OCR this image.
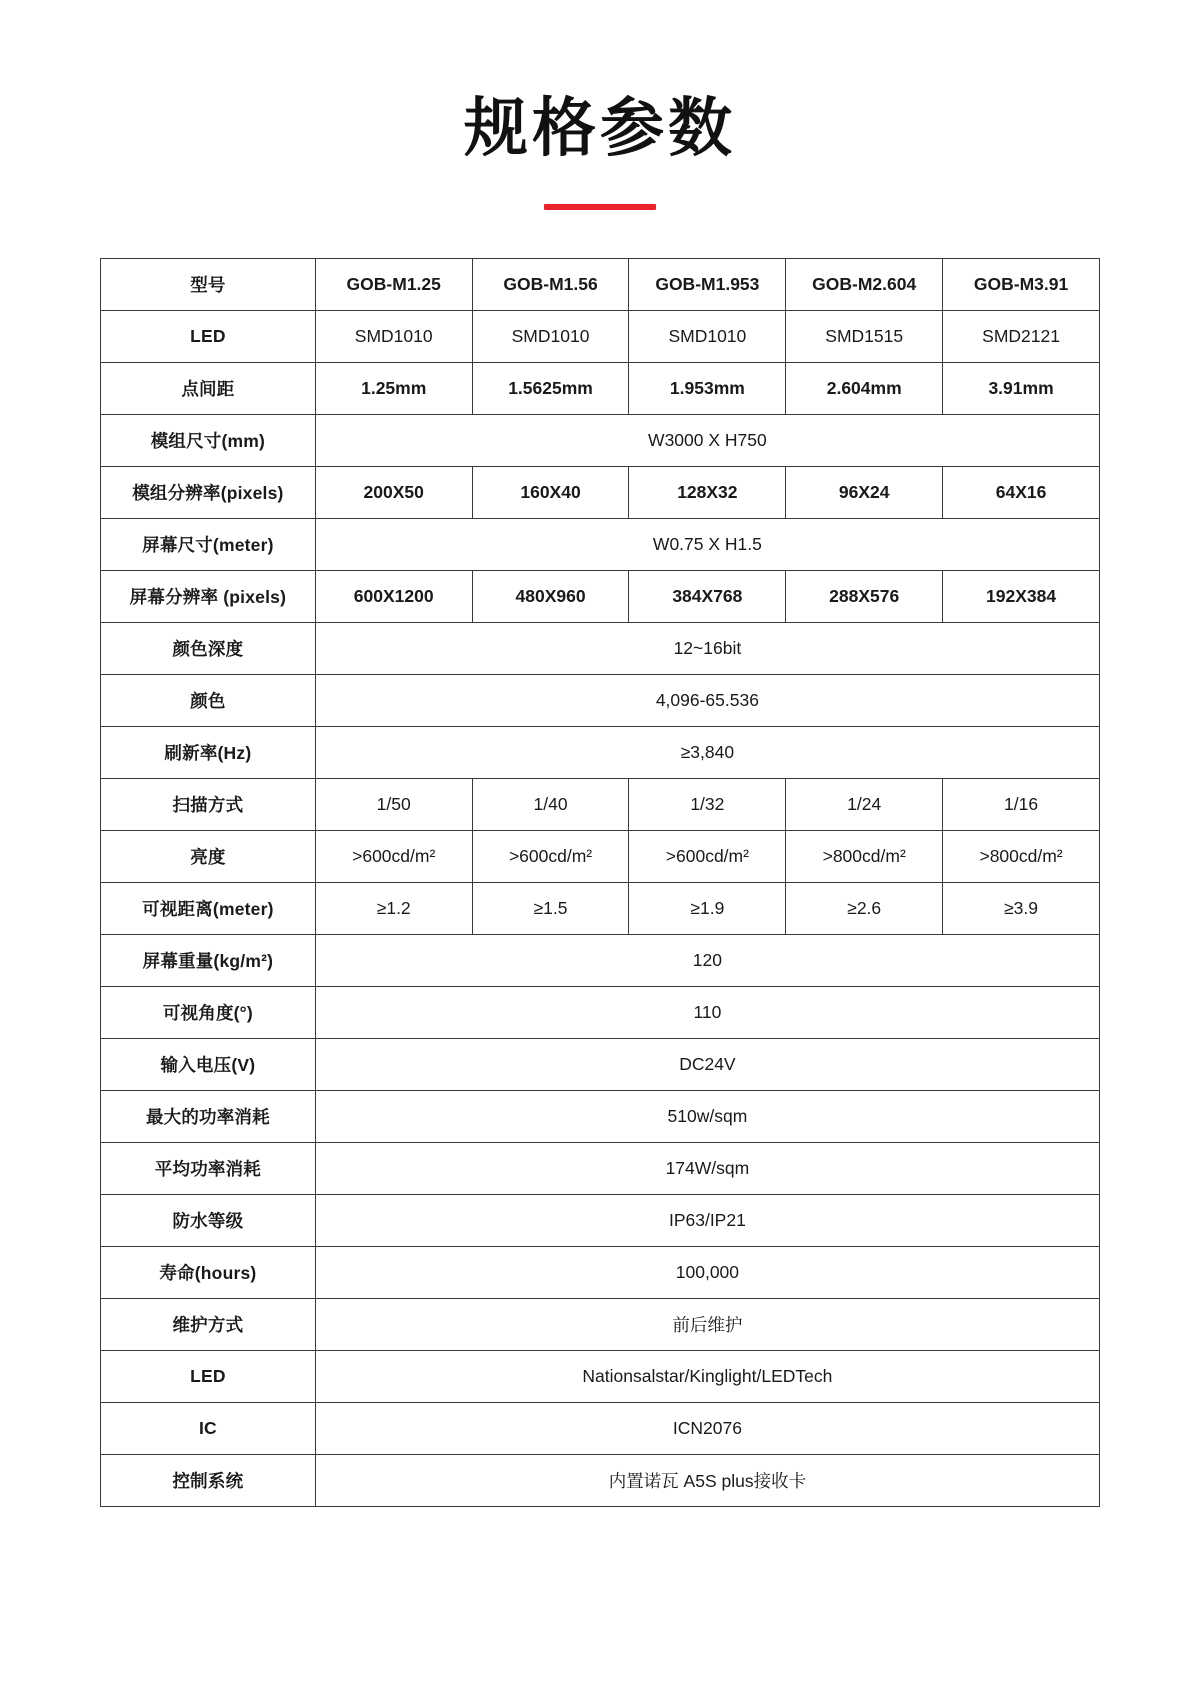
规格参数
型号	GOB-M1.25	GOB-M1.56	GOB-M1.953	GOB-M2.604	GOB-M3.91
LED	SMD1010	SMD1010	SMD1010	SMD1515	SMD2121
点间距	1.25mm	1.5625mm	1.953mm	2.604mm	3.91mm
模组尺寸(mm)	W3000 X H750				
模组分辨率(pixels)	200X50	160X40	128X32	96X24	64X16
屏幕尺寸(meter)	W0.75 X H1.5				
屏幕分辨率 (pixels)	600X1200	480X960	384X768	288X576	192X384
颜色深度	12~16bit				
颜色	4,096-65.536				
刷新率(Hz)	≥3,840				
扫描方式	1/50	1/40	1/32	1/24	1/16
亮度	>600cd/m²	>600cd/m²	>600cd/m²	>800cd/m²	>800cd/m²
可视距离(meter)	≥1.2	≥1.5	≥1.9	≥2.6	≥3.9
屏幕重量(kg/m²)	120				
可视角度(°)	110				
输入电压(V)	DC24V				
最大的功率消耗	510w/sqm				
平均功率消耗	174W/sqm				
防水等级	IP63/IP21				
寿命(hours)	100,000				
维护方式	前后维护				
LED	Nationsalstar/Kinglight/LEDTech				
IC	ICN2076				
控制系统	内置诺瓦 A5S plus接收卡				
